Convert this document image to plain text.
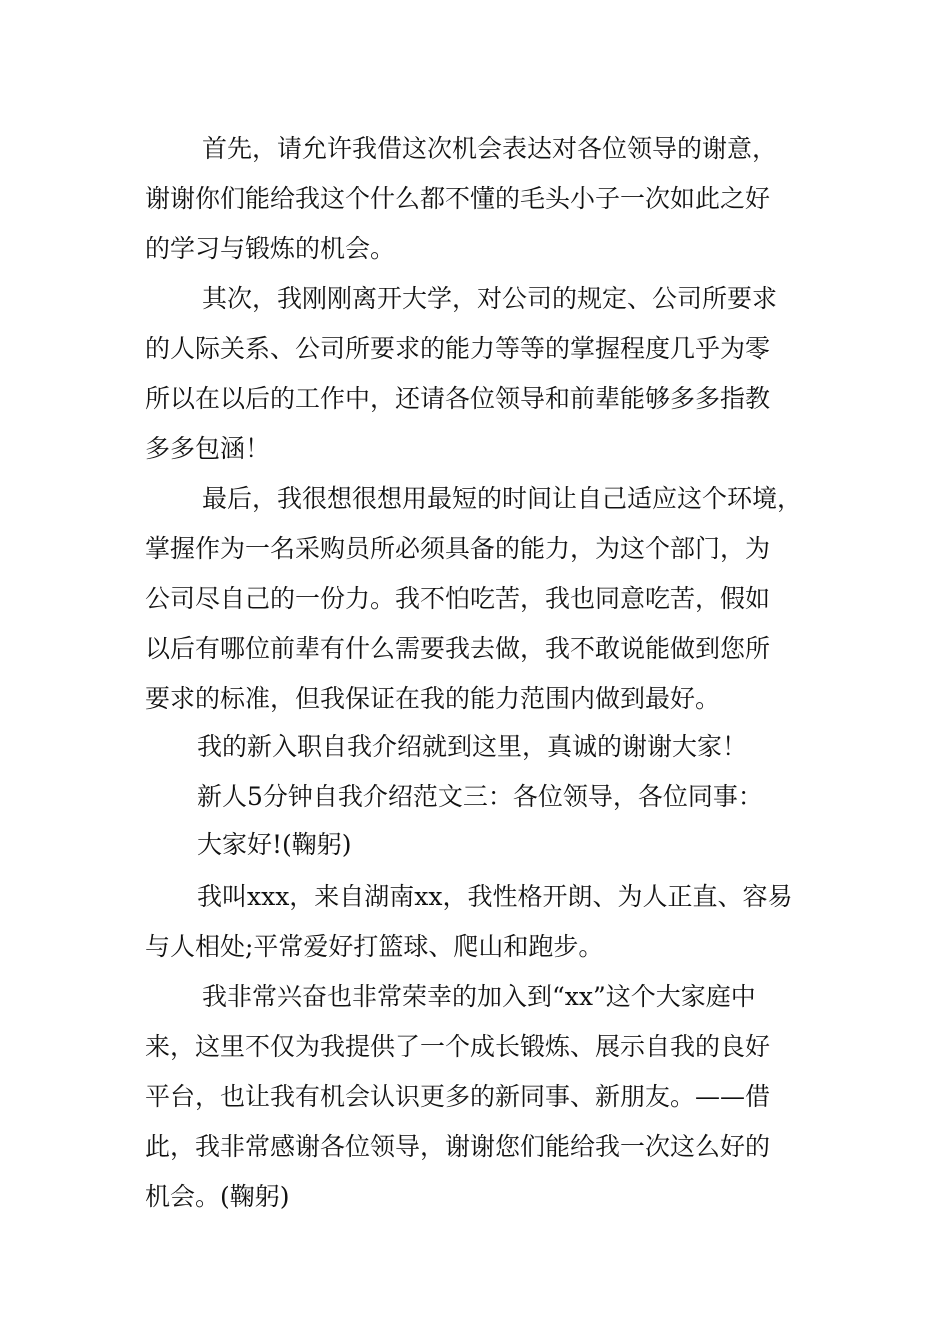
首先，请允许我借这次机会表达对各位领导的谢意，
谢谢你们能给我这个什么都不懂的毛头小子一次如此之好
的学习与锻炼的机会。
其次，我刚刚离开大学，对公司的规定、公司所要求
的人际关系、公司所要求的能力等等的掌握程度几乎为零
所以在以后的工作中，还请各位领导和前辈能够多多指教
多多包涵！
最后，我很想很想用最短的时间让自己适应这个环境，
掌握作为一名采购员所必须具备的能力，为这个部门，为
公司尽自己的一份力。我不怕吃苦，我也同意吃苦，假如
以后有哪位前辈有什么需要我去做，我不敢说能做到您所
要求的标准，但我保证在我的能力范围内做到最好。
我的新入职自我介绍就到这里，真诚的谢谢大家！
新人5分钟自我介绍范文三：各位领导，各位同事：
大家好!(鞠躬)
我叫xxx，来自湖南xx，我性格开朗、为人正直、容易
与人相处;平常爱好打篮球、爬山和跑步。
我非常兴奋也非常荣幸的加入到“xx”这个大家庭中
来，这里不仅为我提供了一个成长锻炼、展示自我的良好
平台，也让我有机会认识更多的新同事、新朋友。——借
此，我非常感谢各位领导，谢谢您们能给我一次这么好的
机会。(鞠躬)
